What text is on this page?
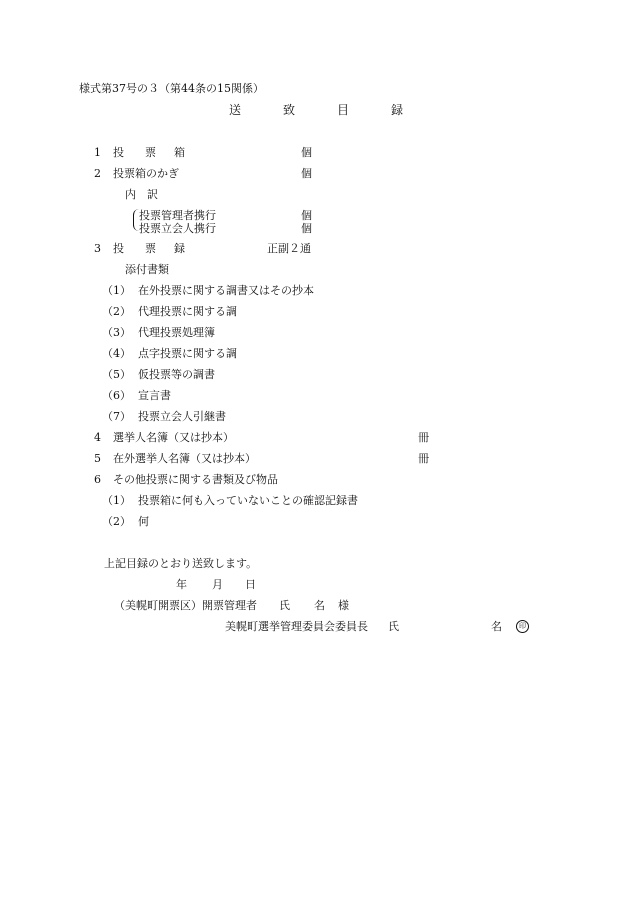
様式第37号の３（第44条の15関係）
送	致	目	録
1 投 票 箱	個
2 投票箱のかぎ	個
内 訳
投票管理者携行	個
投票立会人携行	個
3 投 票 録	正副２通
添付書類
（1） 在外投票に関する調書又はその抄本
（2） 代理投票に関する調
（3） 代理投票処理簿
（4） 点字投票に関する調
（5） 仮投票等の調書
（6） 宣言書
（7） 投票立会人引継書
4 選挙人名簿（又は抄本）	冊
5 在外選挙人名簿（又は抄本）	冊
6 その他投票に関する書類及び物品
（1） 投票箱に何も入っていないことの確認記録書
（2） 何
上記目録のとおり送致します。
年 月 日
（美幌町開票区）開票管理者 氏 名 様
美幌町選挙管理委員会委員長 氏	名	印
